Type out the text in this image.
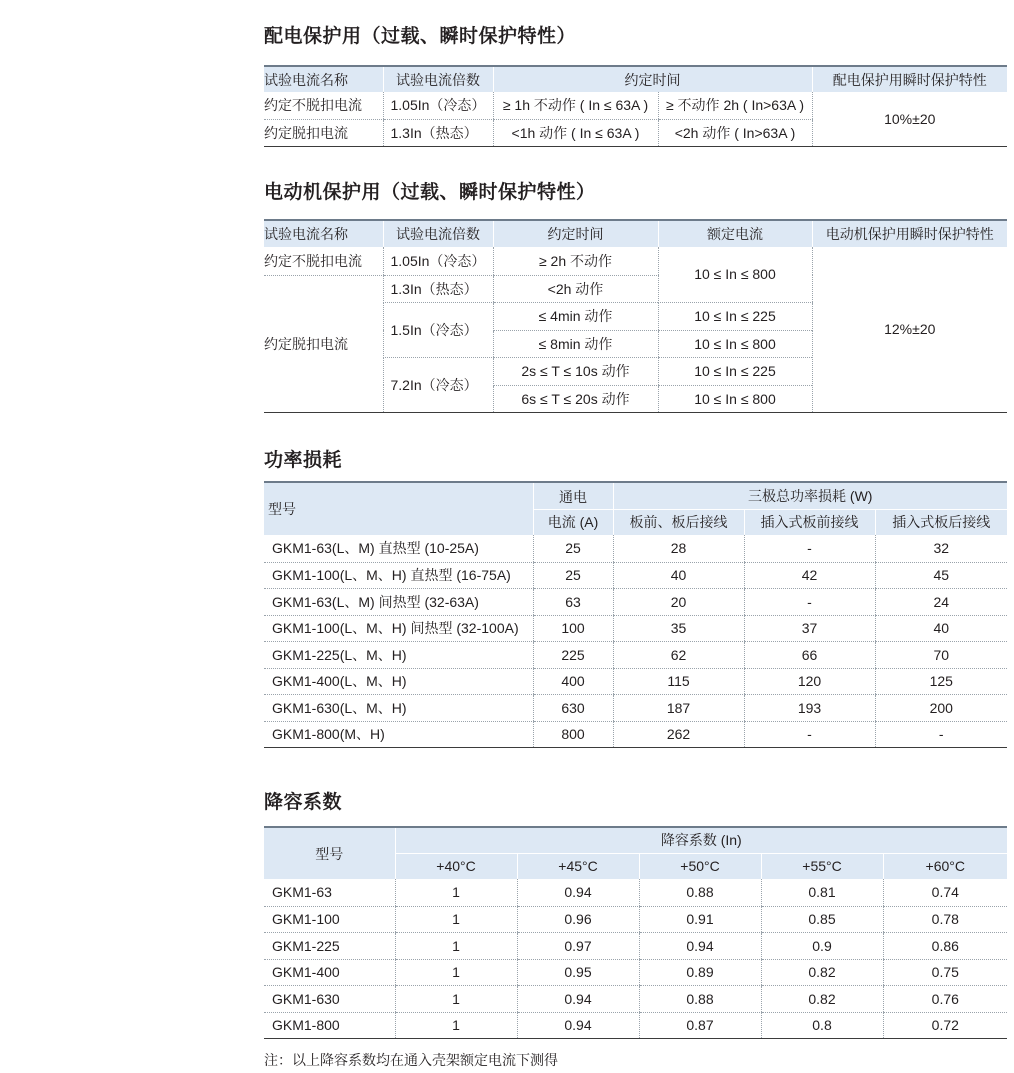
配电保护用（过载、瞬时保护特性）
试验电流名称	试验电流倍数	约定时间		配电保护用瞬时保护特性
约定不脱扣电流	1.05In（冷态）	≥ 1h 不动作 ( In ≤ 63A )	≥ 不动作 2h ( In>63A )	10%±20
约定脱扣电流	1.3In（热态）	<1h 动作 ( In ≤ 63A )	<2h 动作 ( In>63A )	
电动机保护用（过载、瞬时保护特性）
试验电流名称	试验电流倍数	约定时间	额定电流	电动机保护用瞬时保护特性
约定不脱扣电流	1.05In（冷态）	≥ 2h 不动作	10 ≤ In ≤ 800	12%±20
约定脱扣电流	1.3In（热态）	<2h 动作		
	1.5In（冷态）	≤ 4min 动作	10 ≤ In ≤ 225	
		≤ 8min 动作	10 ≤ In ≤ 800	
	7.2In（冷态）	2s ≤ T ≤ 10s 动作	10 ≤ In ≤ 225	
		6s ≤ T ≤ 20s 动作	10 ≤ In ≤ 800	
功率损耗
型号	通电	三极总功率损耗 (W)		
	电流 (A)	板前、板后接线	插入式板前接线	插入式板后接线
GKM1-63(L、M) 直热型 (10-25A)	25	28	-	32
GKM1-100(L、M、H) 直热型 (16-75A)	25	40	42	45
GKM1-63(L、M) 间热型 (32-63A)	63	20	-	24
GKM1-100(L、M、H) 间热型 (32-100A)	100	35	37	40
GKM1-225(L、M、H)	225	62	66	70
GKM1-400(L、M、H)	400	115	120	125
GKM1-630(L、M、H)	630	187	193	200
GKM1-800(M、H)	800	262	-	-
降容系数
型号	降容系数 (In)				
	+40°C	+45°C	+50°C	+55°C	+60°C
GKM1-63	1	0.94	0.88	0.81	0.74
GKM1-100	1	0.96	0.91	0.85	0.78
GKM1-225	1	0.97	0.94	0.9	0.86
GKM1-400	1	0.95	0.89	0.82	0.75
GKM1-630	1	0.94	0.88	0.82	0.76
GKM1-800	1	0.94	0.87	0.8	0.72
注：以上降容系数均在通入壳架额定电流下测得
